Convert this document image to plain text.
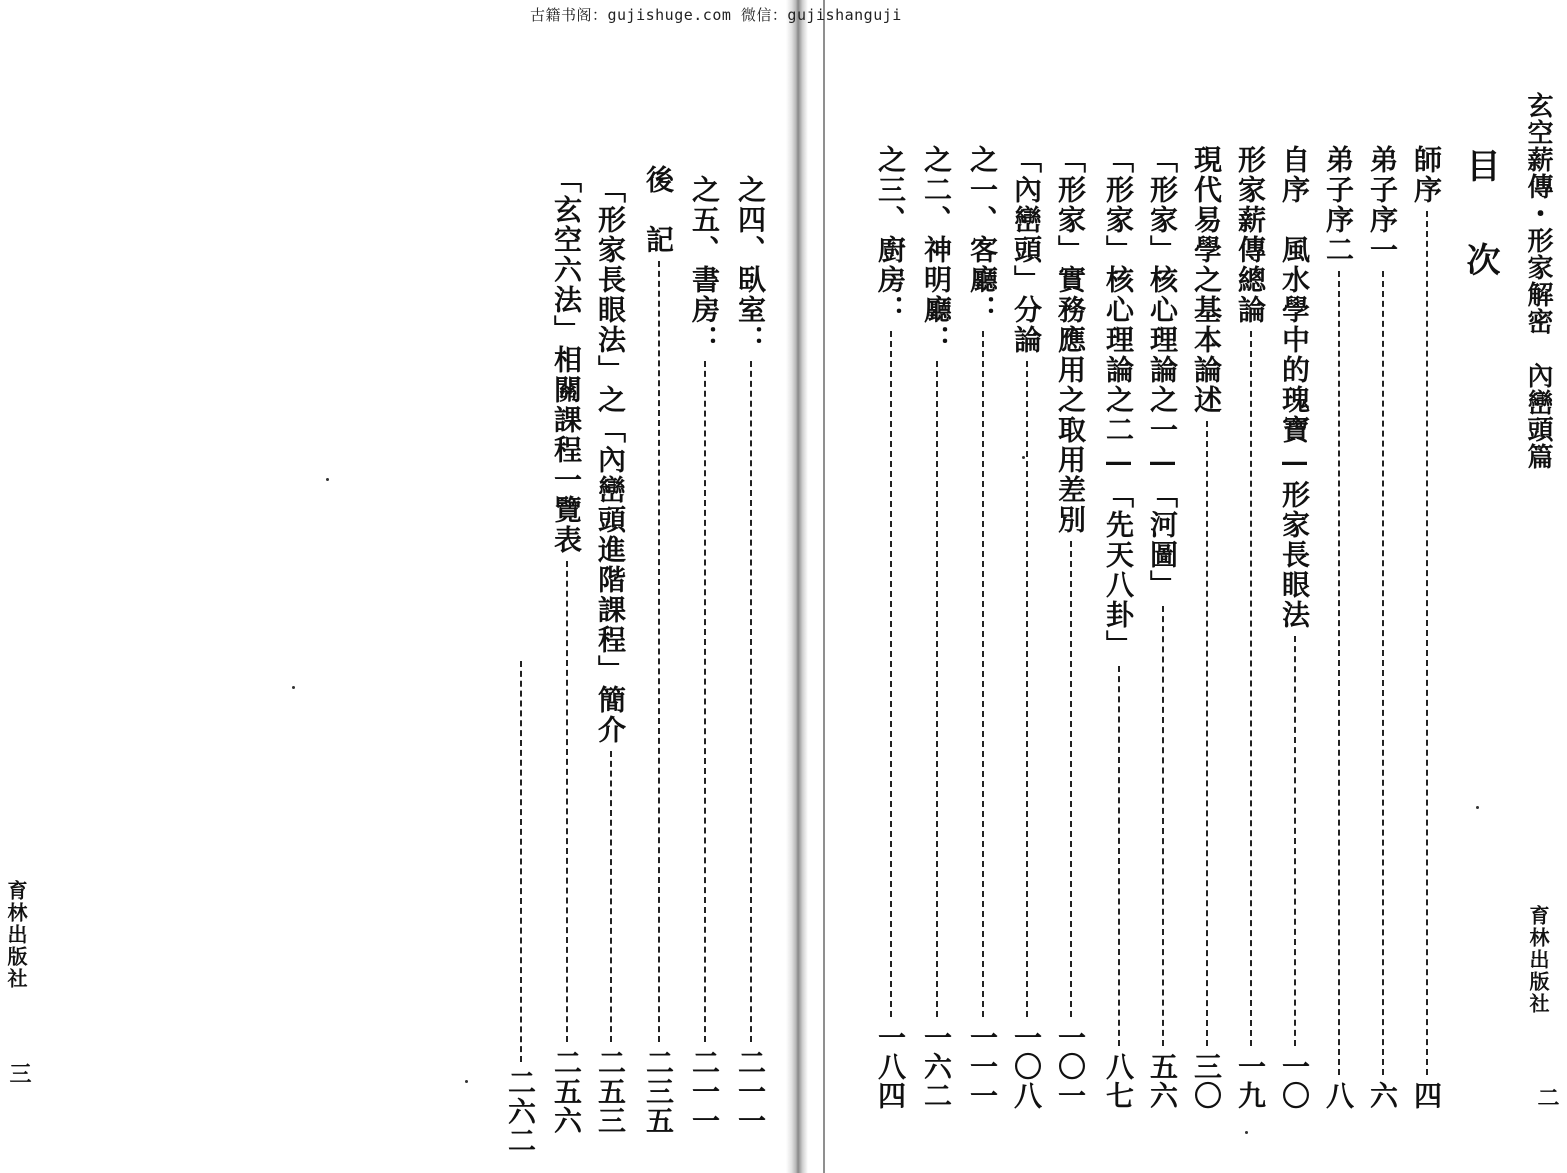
古籍书阁：gujishuge.com 微信：gujishanguji
玄空薪傳・形家解密　內巒頭篇
目 次
育林出版社
二
師序
四
弟子序一
六
弟子序二
八
自序　風水學中的瑰寶—形家長眼法
一〇
形家薪傳總論
一九
現代易學之基本論述
三〇
「形家」核心理論之一—「河圖」
五六
「形家」核心理論之二—「先天八卦」
八七
「形家」實務應用之取用差別
一〇一
「內巒頭」分論
一〇八
之一、客廳：
一一一
之二、神明廳：
一六二
之三、廚房：
一八四
育林出版社
三
之四、臥室：
二一一
之五、書房：
二一一
後　記
二三五
「形家長眼法」之「內巒頭進階課程」簡介
二五三
「玄空六法」相關課程一覽表
二五六
二六二
